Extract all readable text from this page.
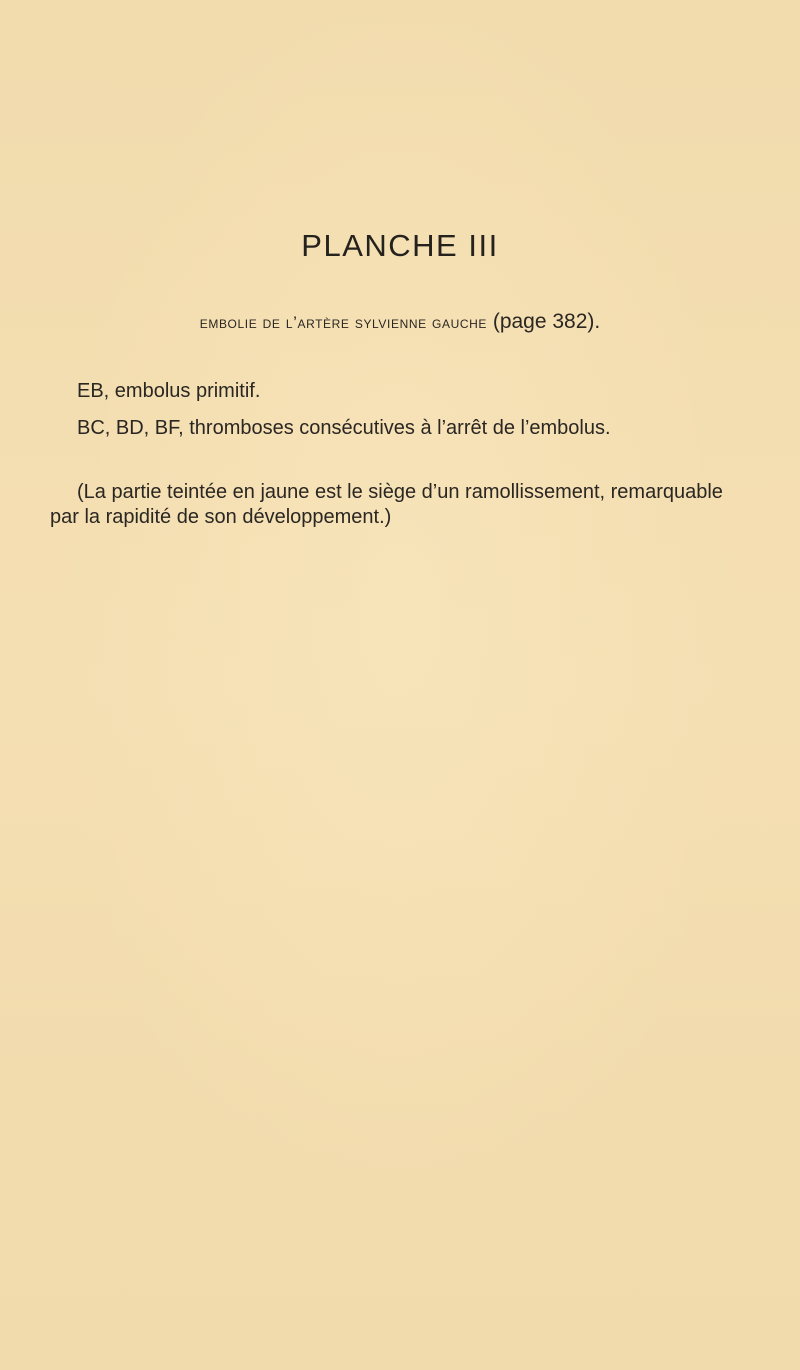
PLANCHE III
embolie de l’artère sylvienne gauche (page 382).
EB, embolus primitif.
BC, BD, BF, thromboses consécutives à l’arrêt de l’embolus.
(La partie teintée en jaune est le siège d’un ramollissement, remarquable
par la rapidité de son développement.)
